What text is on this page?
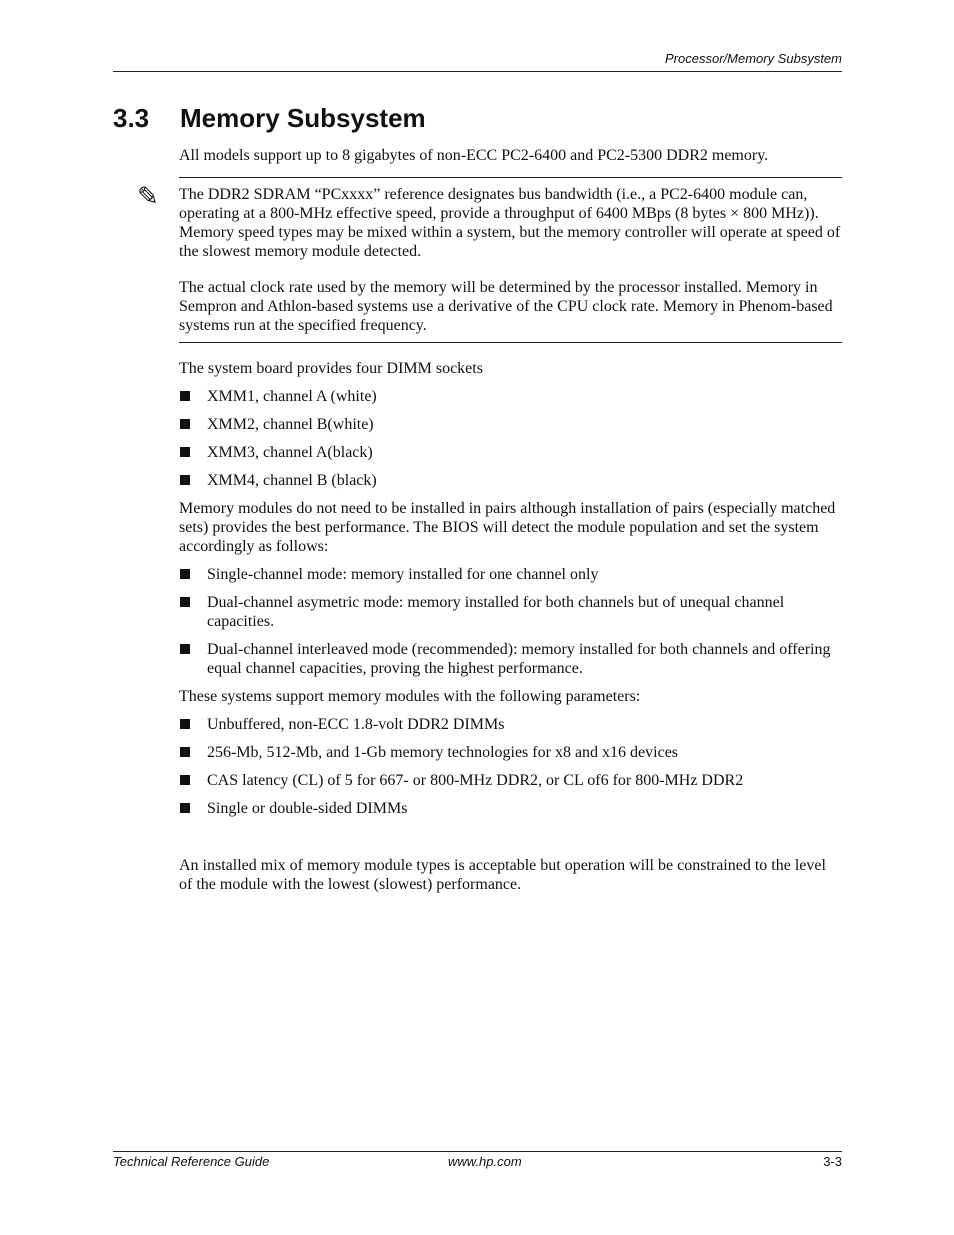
Processor/Memory Subsystem
3.3 Memory Subsystem

All models support up to 8 gigabytes of non-ECC PC2-6400 and PC2-5300 DDR2 memory.

✎ The DDR2 SDRAM “PCxxxx” reference designates bus bandwidth (i.e., a PC2-6400 module can, operating at a 800-MHz effective speed, provide a throughput of 6400 MBps (8 bytes × 800 MHz)). Memory speed types may be mixed within a system, but the memory controller will operate at speed of the slowest memory module detected.

The actual clock rate used by the memory will be determined by the processor installed. Memory in Sempron and Athlon-based systems use a derivative of the CPU clock rate. Memory in Phenom-based systems run at the specified frequency.

The system board provides four DIMM sockets

XMM1, channel A (white)
XMM2, channel B(white)
XMM3, channel A(black)
XMM4, channel B (black)

Memory modules do not need to be installed in pairs although installation of pairs (especially matched sets) provides the best performance. The BIOS will detect the module population and set the system accordingly as follows:

Single-channel mode: memory installed for one channel only
Dual-channel asymetric mode: memory installed for both channels but of unequal channel capacities.
Dual-channel interleaved mode (recommended): memory installed for both channels and offering equal channel capacities, proving the highest performance.

These systems support memory modules with the following parameters:

Unbuffered, non-ECC 1.8-volt DDR2 DIMMs
256-Mb, 512-Mb, and 1-Gb memory technologies for x8 and x16 devices
CAS latency (CL) of 5 for 667- or 800-MHz DDR2, or CL of6 for 800-MHz DDR2
Single or double-sided DIMMs

An installed mix of memory module types is acceptable but operation will be constrained to the level of the module with the lowest (slowest) performance.

Technical Reference Guide	www.hp.com	3-3
